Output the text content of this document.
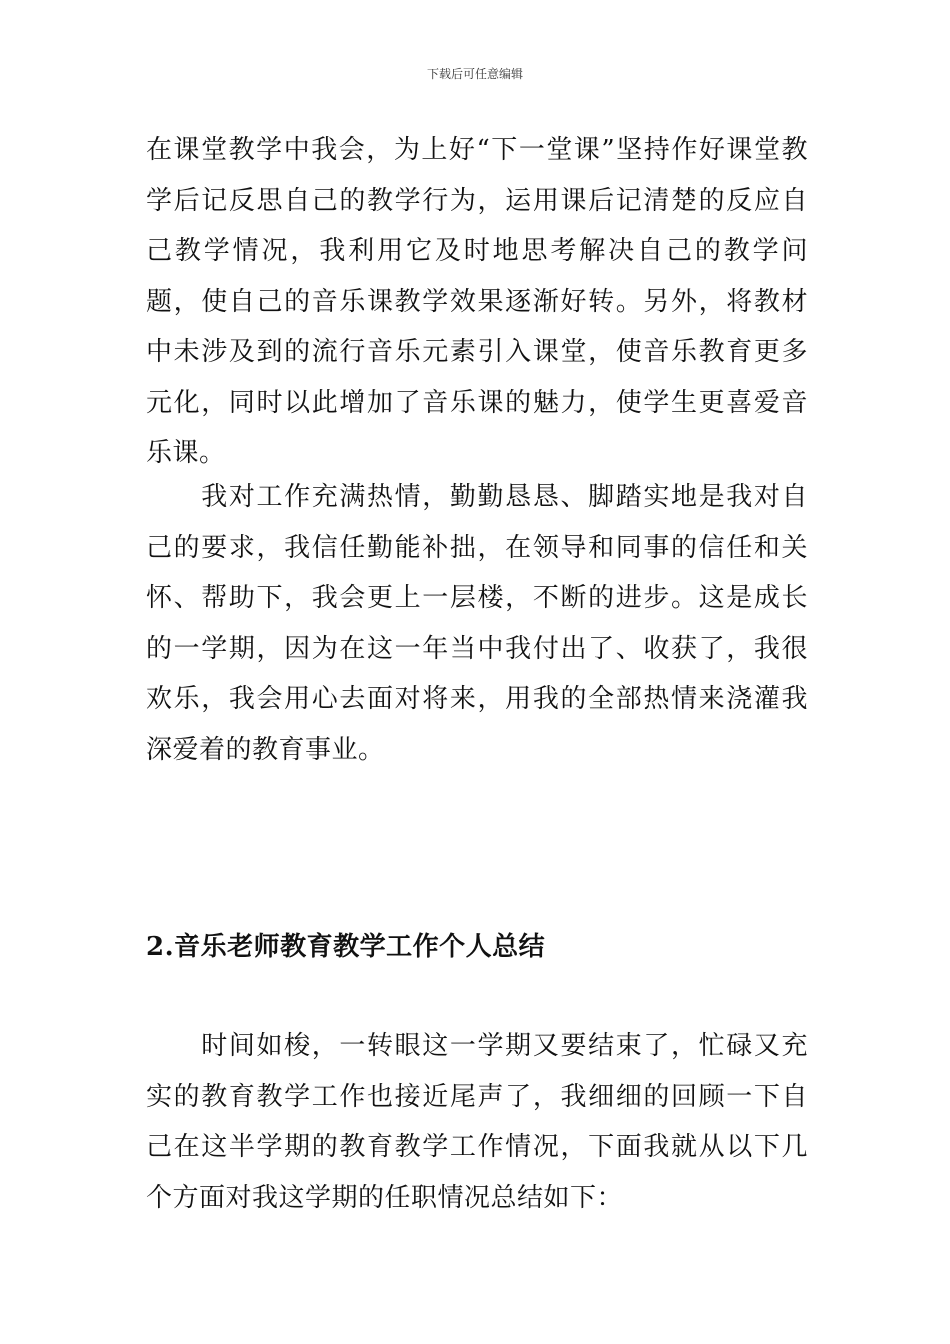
下载后可任意编辑

在课堂教学中我会，为上好“下一堂课”坚持作好课堂教学后记反思自己的教学行为，运用课后记清楚的反应自己教学情况，我利用它及时地思考解决自己的教学问题，使自己的音乐课教学效果逐渐好转。另外，将教材中未涉及到的流行音乐元素引入课堂，使音乐教育更多元化，同时以此增加了音乐课的魅力，使学生更喜爱音乐课。

　　我对工作充满热情，勤勤恳恳、脚踏实地是我对自己的要求，我信任勤能补拙，在领导和同事的信任和关怀、帮助下，我会更上一层楼，不断的进步。这是成长的一学期，因为在这一年当中我付出了、收获了，我很欢乐，我会用心去面对将来，用我的全部热情来浇灌我深爱着的教育事业。

2.音乐老师教育教学工作个人总结

　　时间如梭，一转眼这一学期又要结束了，忙碌又充实的教育教学工作也接近尾声了，我细细的回顾一下自己在这半学期的教育教学工作情况，下面我就从以下几个方面对我这学期的任职情况总结如下：
